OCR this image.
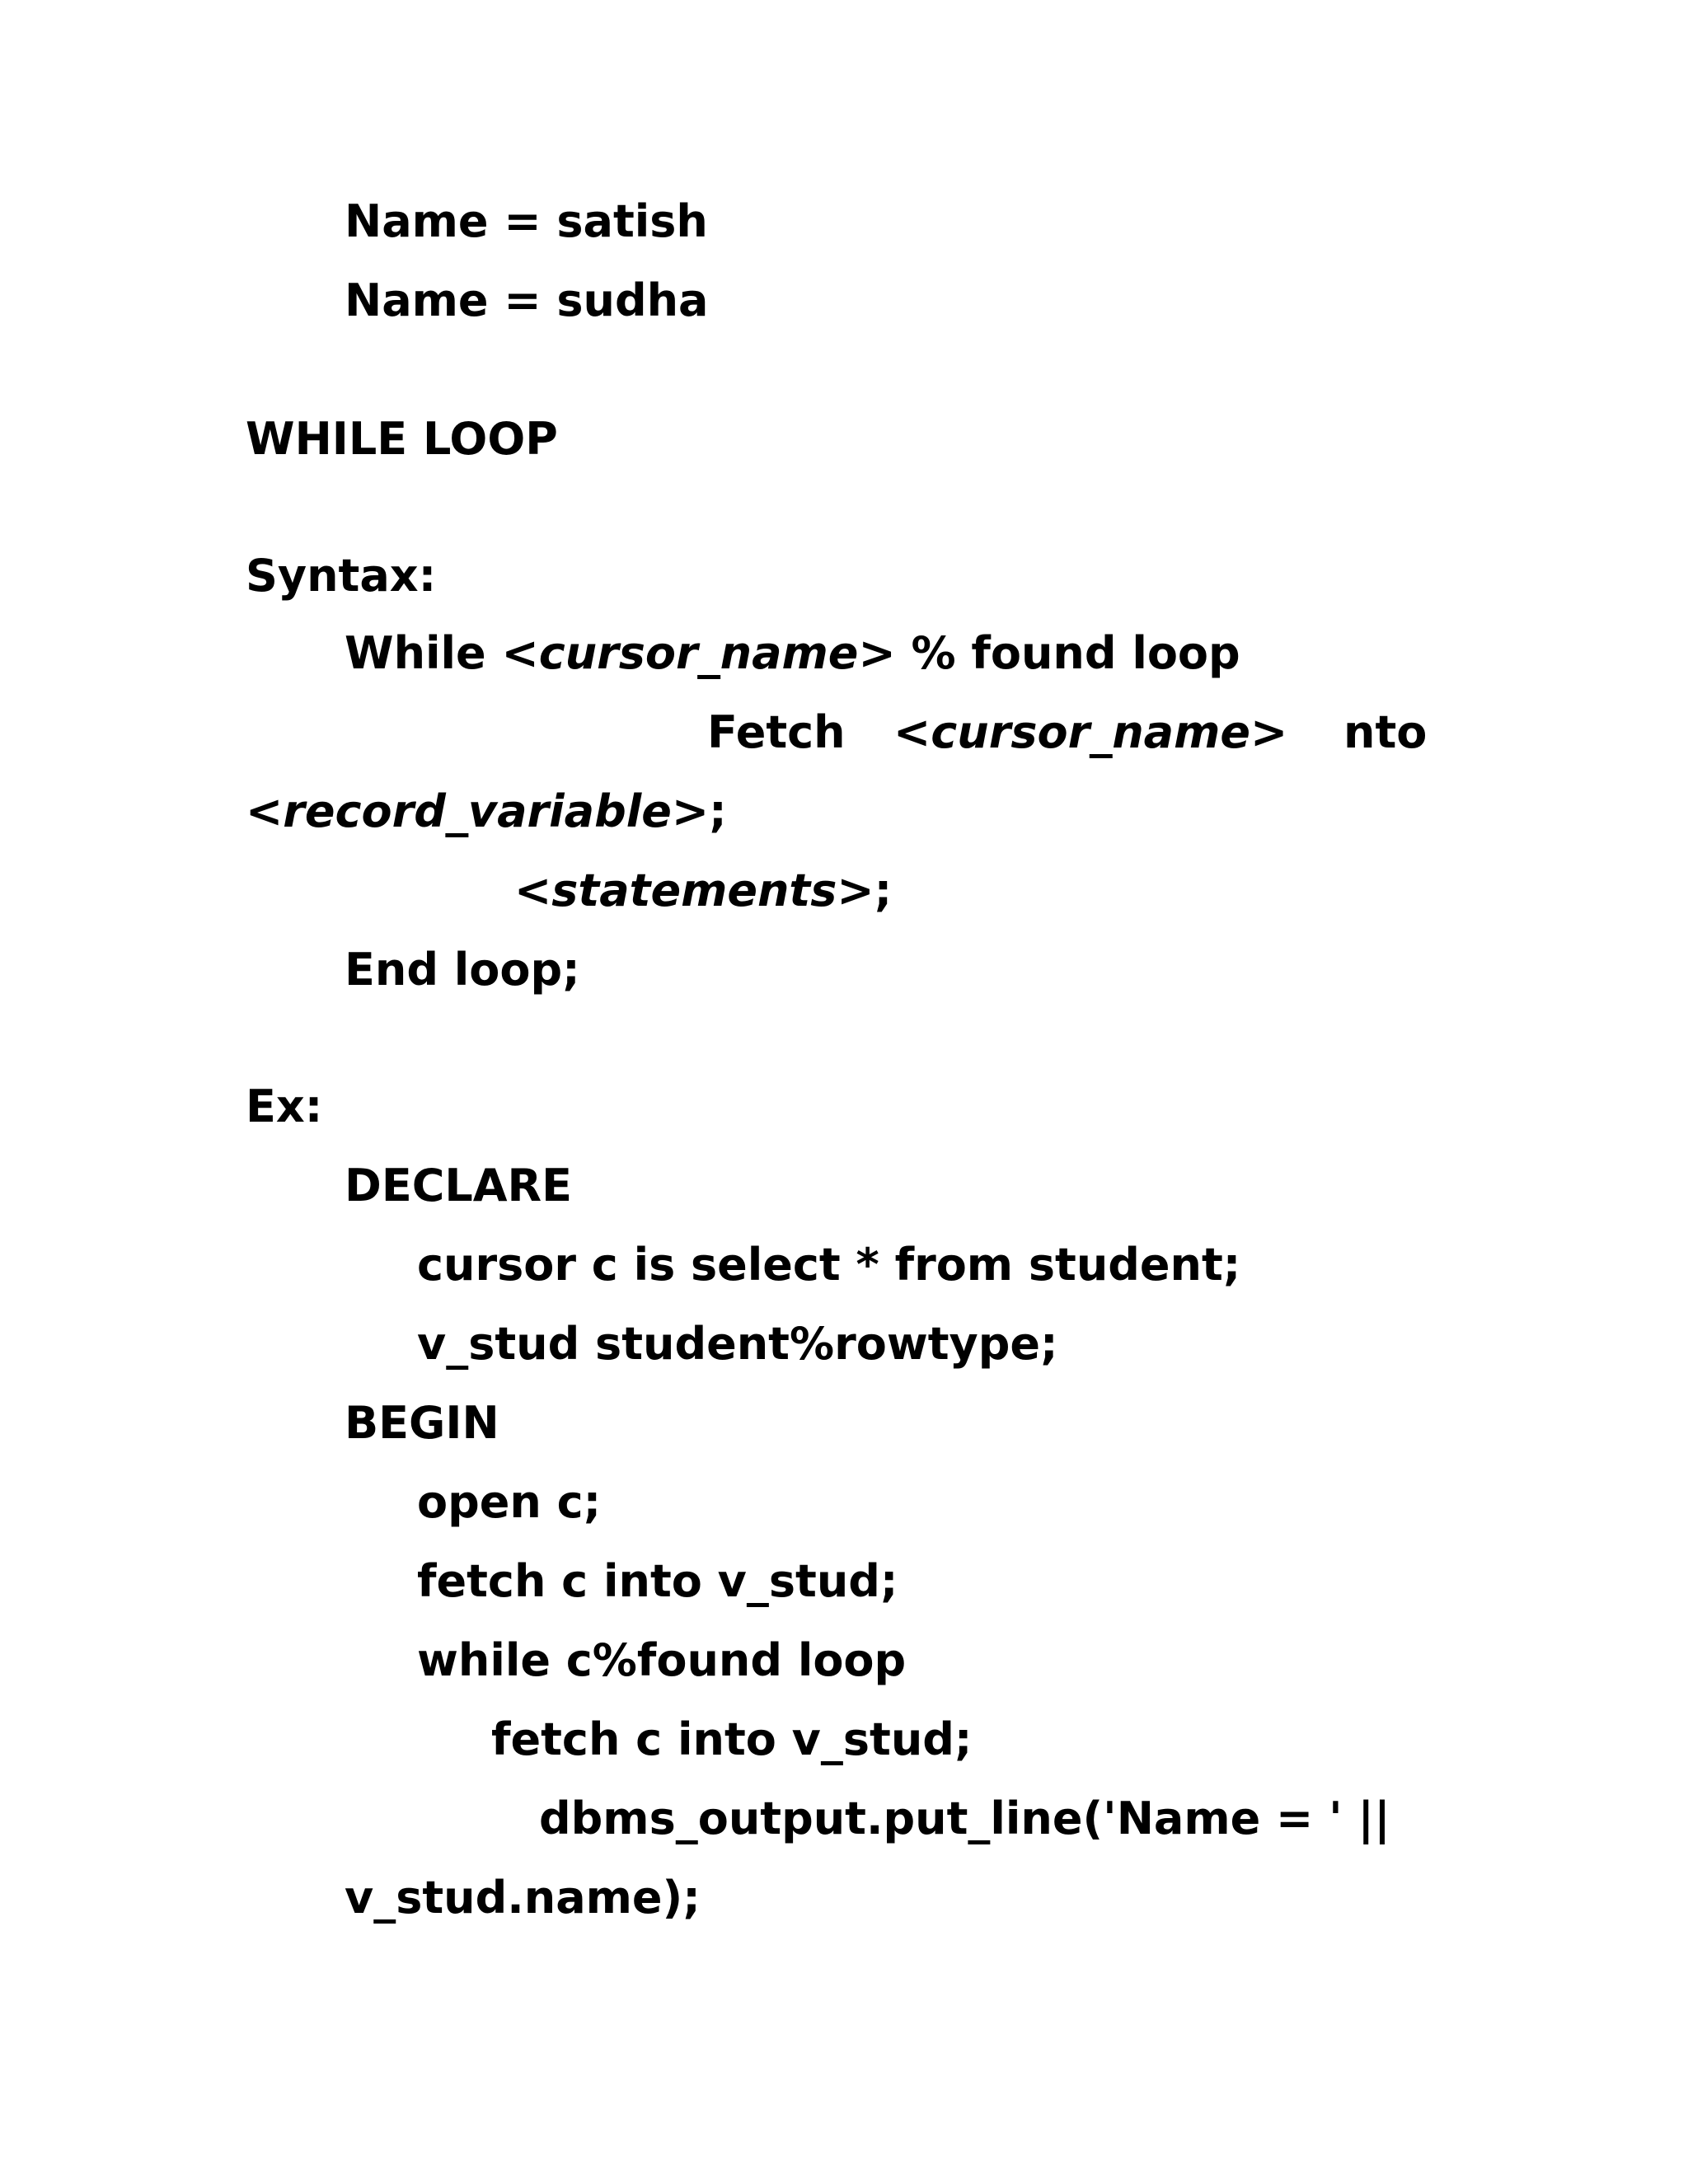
Name = satish
Name = sudha
WHILE LOOP
Syntax:
While <cursor_name> % found loop
Fetch <cursor_name> nto
<record_variable>;
<statements>;
End loop;
Ex:
DECLARE
cursor c is select * from student;
v_stud student%rowtype;
BEGIN
open c;
fetch c into v_stud;
while c%found loop
fetch c into v_stud;
dbms_output.put_line('Name = ' ||
v_stud.name);
